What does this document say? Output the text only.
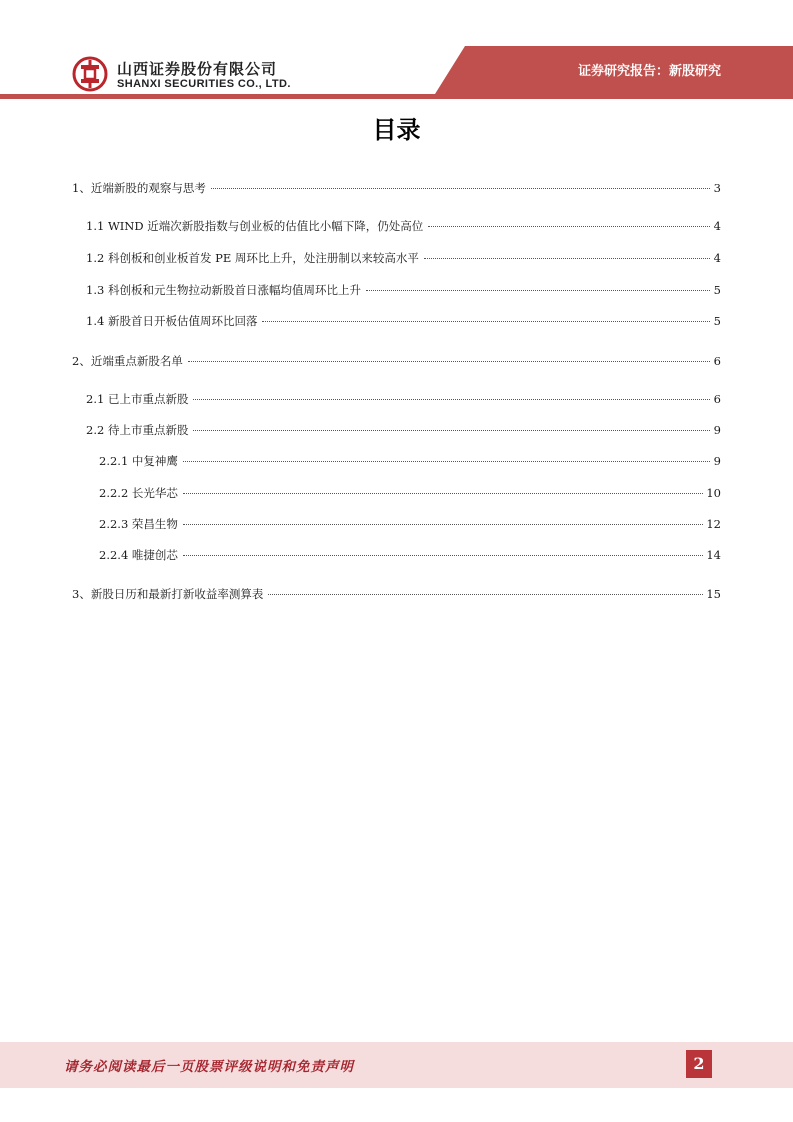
山西证券股份有限公司
SHANXI SECURITIES CO., LTD.
证券研究报告：新股研究
目录
1、近端新股的观察与思考	3
1.1 WIND 近端次新股指数与创业板的估值比小幅下降，仍处高位	4
1.2 科创板和创业板首发 PE 周环比上升，处注册制以来较高水平	4
1.3 科创板和元生物拉动新股首日涨幅均值周环比上升	5
1.4 新股首日开板估值周环比回落	5
2、近端重点新股名单	6
2.1 已上市重点新股	6
2.2 待上市重点新股	9
2.2.1 中复神鹰	9
2.2.2 长光华芯	10
2.2.3 荣昌生物	12
2.2.4 唯捷创芯	14
3、新股日历和最新打新收益率测算表	15
请务必阅读最后一页股票评级说明和免责声明	2
